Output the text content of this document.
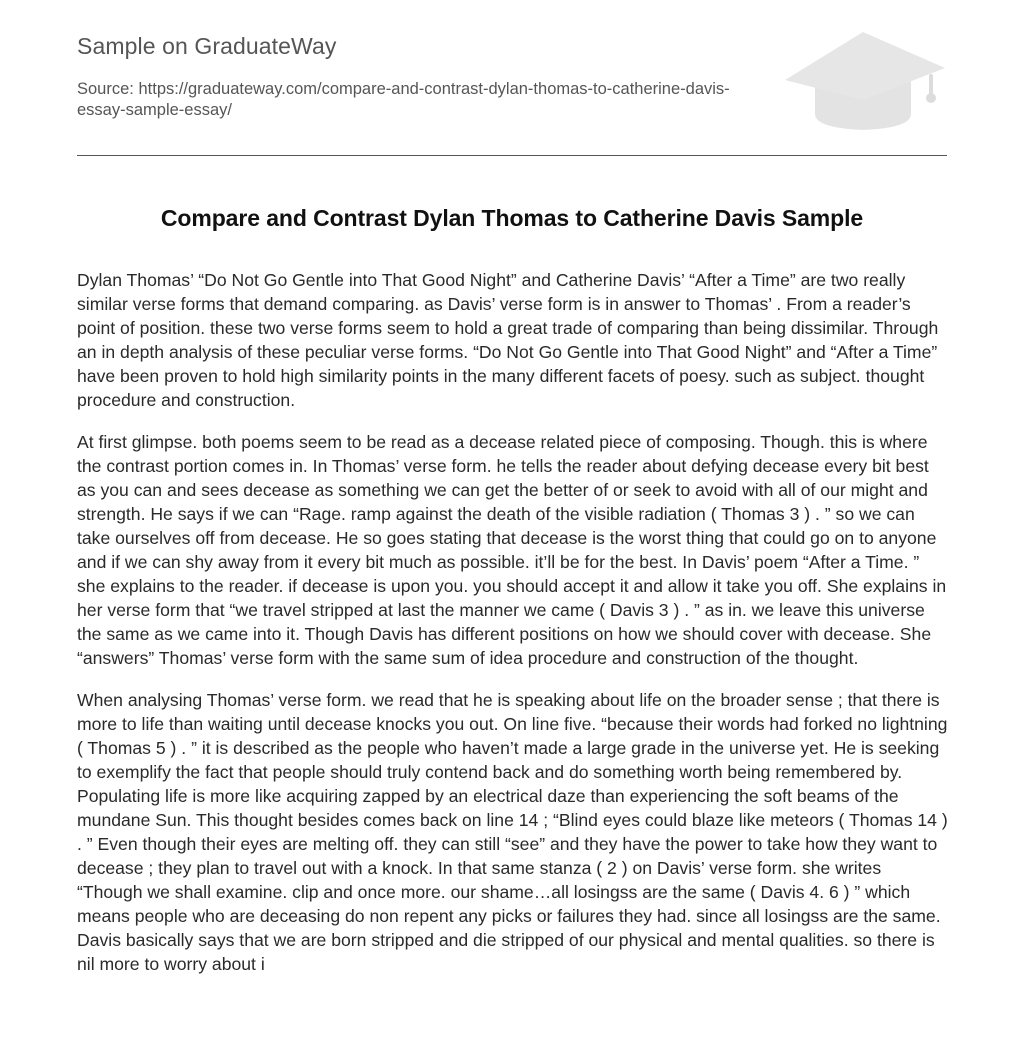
Sample on GraduateWay
Source: https://graduateway.com/compare-and-contrast-dylan-thomas-to-catherine-davis-essay-sample-essay/
Compare and Contrast Dylan Thomas to Catherine Davis Sample

Dylan Thomas’ “Do Not Go Gentle into That Good Night” and Catherine Davis’ “After a Time” are two really similar verse forms that demand comparing. as Davis’ verse form is in answer to Thomas’ . From a reader’s point of position. these two verse forms seem to hold a great trade of comparing than being dissimilar. Through an in depth analysis of these peculiar verse forms. “Do Not Go Gentle into That Good Night” and “After a Time” have been proven to hold high similarity points in the many different facets of poesy. such as subject. thought procedure and construction.

At first glimpse. both poems seem to be read as a decease related piece of composing. Though. this is where the contrast portion comes in. In Thomas’ verse form. he tells the reader about defying decease every bit best as you can and sees decease as something we can get the better of or seek to avoid with all of our might and strength. He says if we can “Rage. ramp against the death of the visible radiation ( Thomas 3 ) . ” so we can take ourselves off from decease. He so goes stating that decease is the worst thing that could go on to anyone and if we can shy away from it every bit much as possible. it’ll be for the best. In Davis’ poem “After a Time. ” she explains to the reader. if decease is upon you. you should accept it and allow it take you off. She explains in her verse form that “we travel stripped at last the manner we came ( Davis 3 ) . ” as in. we leave this universe the same as we came into it. Though Davis has different positions on how we should cover with decease. She “answers” Thomas’ verse form with the same sum of idea procedure and construction of the thought.

When analysing Thomas’ verse form. we read that he is speaking about life on the broader sense ; that there is more to life than waiting until decease knocks you out. On line five. “because their words had forked no lightning ( Thomas 5 ) . ” it is described as the people who haven’t made a large grade in the universe yet. He is seeking to exemplify the fact that people should truly contend back and do something worth being remembered by. Populating life is more like acquiring zapped by an electrical daze than experiencing the soft beams of the mundane Sun. This thought besides comes back on line 14 ; “Blind eyes could blaze like meteors ( Thomas 14 ) . ” Even though their eyes are melting off. they can still “see” and they have the power to take how they want to decease ; they plan to travel out with a knock. In that same stanza ( 2 ) on Davis’ verse form. she writes “Though we shall examine. clip and once more. our shame…all losingss are the same ( Davis 4. 6 ) ” which means people who are deceasing do non repent any picks or failures they had. since all losingss are the same. Davis basically says that we are born stripped and die stripped of our physical and mental qualities. so there is nil more to worry about i
